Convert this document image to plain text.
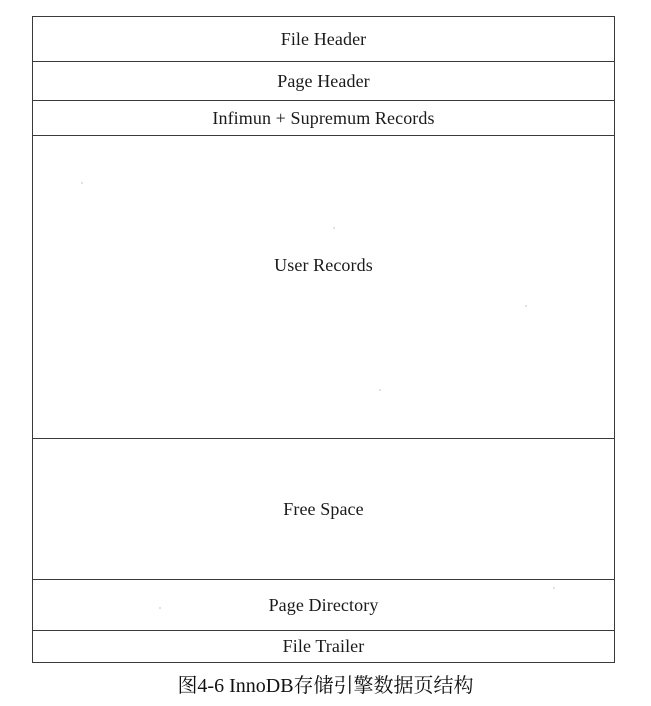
File Header
Page Header
Infimun + Supremum Records
User Records
Free Space
Page Directory
File Trailer
图4-6 InnoDB存储引擎数据页结构
